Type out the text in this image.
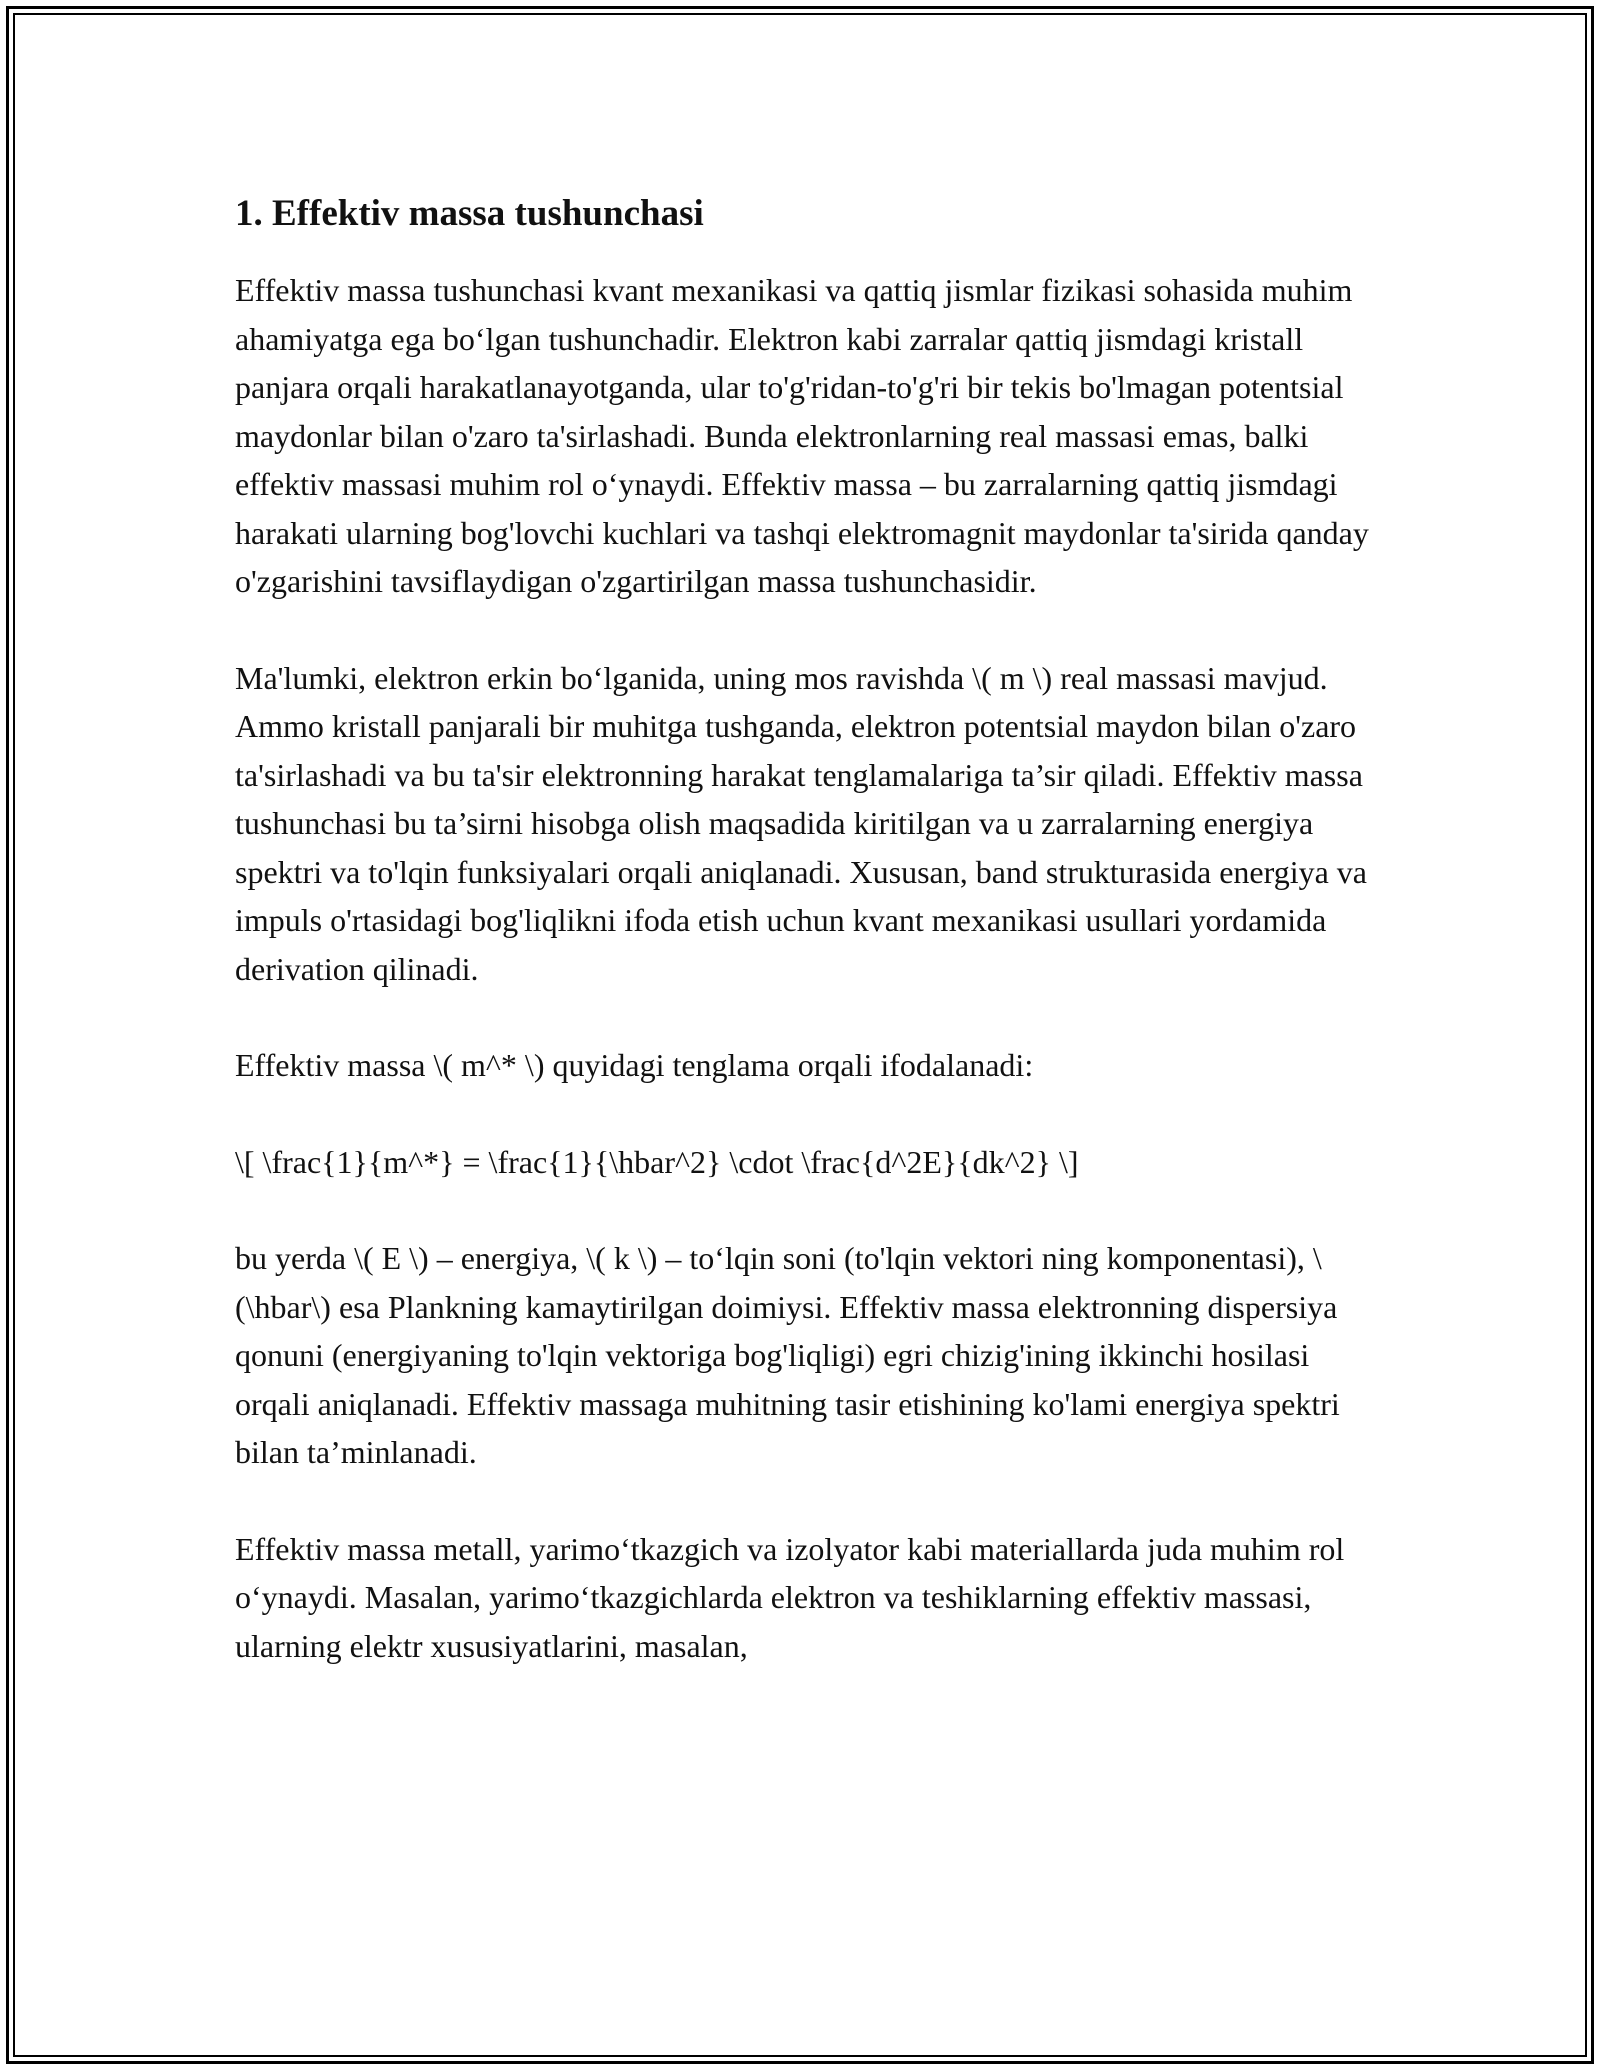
1. Effektiv massa tushunchasi

Effektiv massa tushunchasi kvant mexanikasi va qattiq jismlar fizikasi sohasida muhim ahamiyatga ega bo‘lgan tushunchadir. Elektron kabi zarralar qattiq jismdagi kristall panjara orqali harakatlanayotganda, ular to'g'ridan-to'g'ri bir tekis bo'lmagan potentsial maydonlar bilan o'zaro ta'sirlashadi. Bunda elektronlarning real massasi emas, balki effektiv massasi muhim rol o‘ynaydi. Effektiv massa – bu zarralarning qattiq jismdagi harakati ularning bog'lovchi kuchlari va tashqi elektromagnit maydonlar ta'sirida qanday o'zgarishini tavsiflaydigan o'zgartirilgan massa tushunchasidir.

Ma'lumki, elektron erkin bo‘lganida, uning mos ravishda \( m \) real massasi mavjud. Ammo kristall panjarali bir muhitga tushganda, elektron potentsial maydon bilan o'zaro ta'sirlashadi va bu ta'sir elektronning harakat tenglamalariga ta’sir qiladi. Effektiv massa tushunchasi bu ta’sirni hisobga olish maqsadida kiritilgan va u zarralarning energiya spektri va to'lqin funksiyalari orqali aniqlanadi. Xususan, band strukturasida energiya va impuls o'rtasidagi bog'liqlikni ifoda etish uchun kvant mexanikasi usullari yordamida derivation qilinadi.

Effektiv massa \( m^* \) quyidagi tenglama orqali ifodalanadi:

\[ \frac{1}{m^*} = \frac{1}{\hbar^2} \cdot \frac{d^2E}{dk^2} \]

bu yerda \( E \) – energiya, \( k \) – to‘lqin soni (to'lqin vektori ning komponentasi), \(\hbar\) esa Plankning kamaytirilgan doimiysi. Effektiv massa elektronning dispersiya qonuni (energiyaning to'lqin vektoriga bog'liqligi) egri chizig'ining ikkinchi hosilasi orqali aniqlanadi. Effektiv massaga muhitning tasir etishining ko'lami energiya spektri bilan ta’minlanadi.

Effektiv massa metall, yarimo‘tkazgich va izolyator kabi materiallarda juda muhim rol o‘ynaydi. Masalan, yarimo‘tkazgichlarda elektron va teshiklarning effektiv massasi, ularning elektr xususiyatlarini, masalan,
